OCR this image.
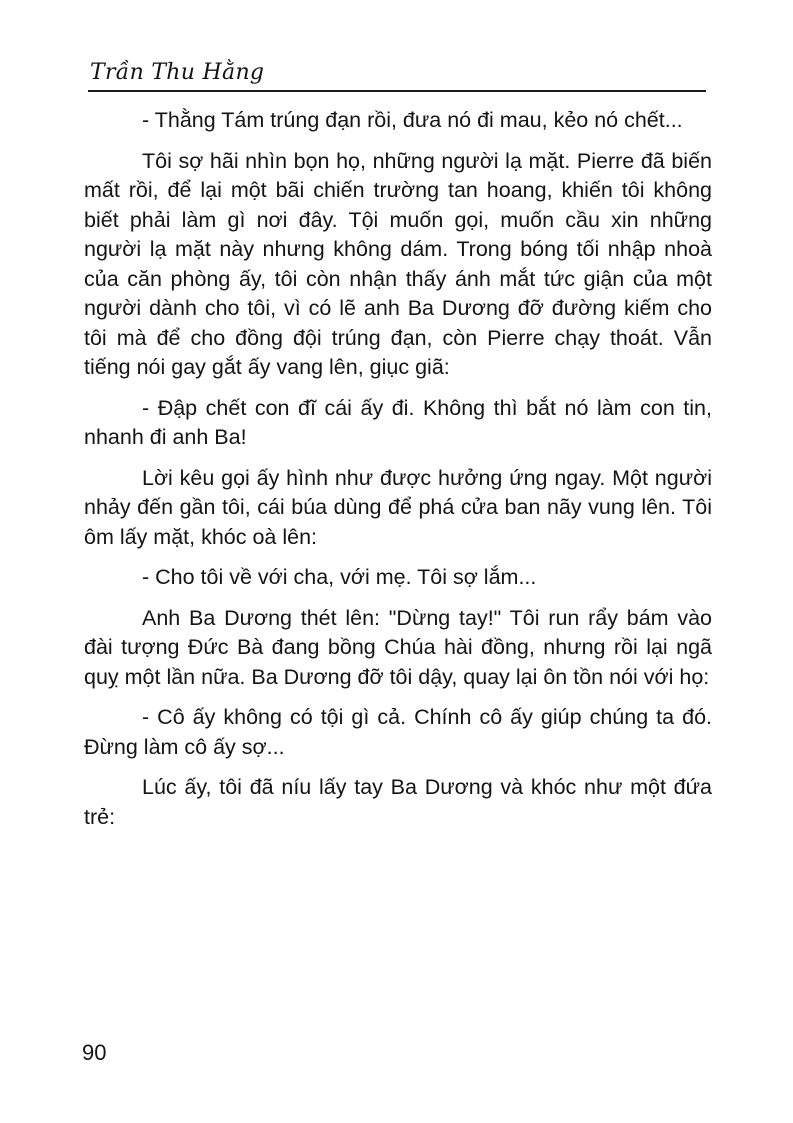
Trần Thu Hằng

- Thằng Tám trúng đạn rồi, đưa nó đi mau, kẻo nó chết...

Tôi sợ hãi nhìn bọn họ, những người lạ mặt. Pierre đã biến mất rồi, để lại một bãi chiến trường tan hoang, khiến tôi không biết phải làm gì nơi đây. Tội muốn gọi, muốn cầu xin những người lạ mặt này nhưng không dám. Trong bóng tối nhập nhoà của căn phòng ấy, tôi còn nhận thấy ánh mắt tức giận của một người dành cho tôi, vì có lẽ anh Ba Dương đỡ đường kiếm cho tôi mà để cho đồng đội trúng đạn, còn Pierre chạy thoát. Vẫn tiếng nói gay gắt ấy vang lên, giục giã:

- Đập chết con đĩ cái ấy đi. Không thì bắt nó làm con tin, nhanh đi anh Ba!

Lời kêu gọi ấy hình như được hưởng ứng ngay. Một người nhảy đến gần tôi, cái búa dùng để phá cửa ban nãy vung lên. Tôi ôm lấy mặt, khóc oà lên:

- Cho tôi về với cha, với mẹ. Tôi sợ lắm...

Anh Ba Dương thét lên: "Dừng tay!" Tôi run rẩy bám vào đài tượng Đức Bà đang bồng Chúa hài đồng, nhưng rồi lại ngã quỵ một lần nữa. Ba Dương đỡ tôi dậy, quay lại ôn tồn nói với họ:

- Cô ấy không có tội gì cả. Chính cô ấy giúp chúng ta đó. Đừng làm cô ấy sợ...

Lúc ấy, tôi đã níu lấy tay Ba Dương và khóc như một đứa trẻ:

90
